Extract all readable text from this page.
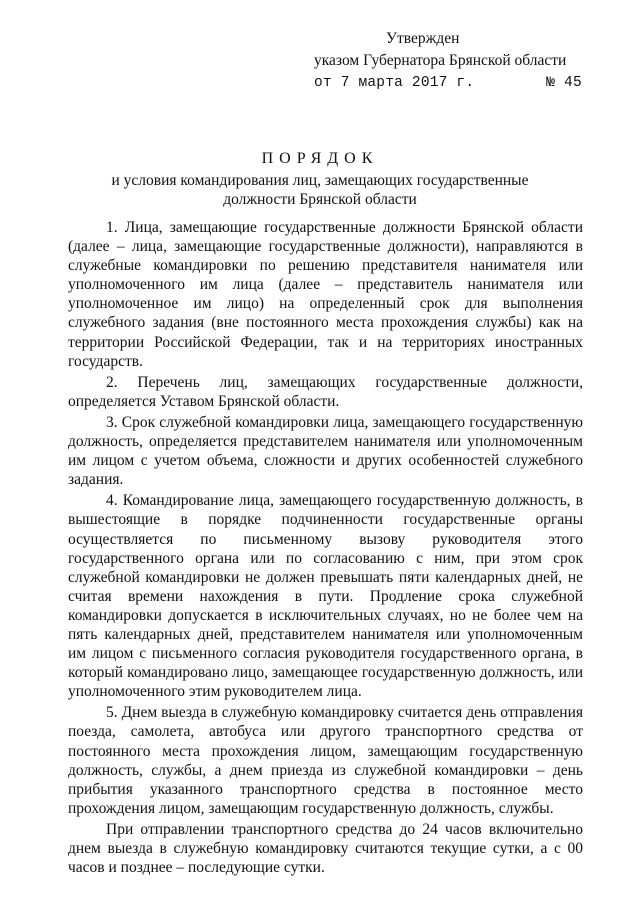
Утвержден
указом Губернатора Брянской области
от 7 марта 2017 г.	№ 45
ПОРЯДОК
и условия командирования лиц, замещающих государственные
должности Брянской области

1. Лица, замещающие государственные должности Брянской области (далее – лица, замещающие государственные должности), направляются в служебные командировки по решению представителя нанимателя или уполномоченного им лица (далее – представитель нанимателя или уполномоченное им лицо) на определенный срок для выполнения служебного задания (вне постоянного места прохождения службы) как на территории Российской Федерации, так и на территориях иностранных государств.

2. Перечень лиц, замещающих государственные должности, определяется Уставом Брянской области.

3. Срок служебной командировки лица, замещающего государственную должность, определяется представителем нанимателя или уполномоченным им лицом с учетом объема, сложности и других особенностей служебного задания.

4. Командирование лица, замещающего государственную должность, в вышестоящие в порядке подчиненности государственные органы осуществляется по письменному вызову руководителя этого государственного органа или по согласованию с ним, при этом срок служебной командировки не должен превышать пяти календарных дней, не считая времени нахождения в пути. Продление срока служебной командировки допускается в исключительных случаях, но не более чем на пять календарных дней, представителем нанимателя или уполномоченным им лицом с письменного согласия руководителя государственного органа, в который командировано лицо, замещающее государственную должность, или уполномоченного этим руководителем лица.

5. Днем выезда в служебную командировку считается день отправления поезда, самолета, автобуса или другого транспортного средства от постоянного места прохождения лицом, замещающим государственную должность, службы, а днем приезда из служебной командировки – день прибытия указанного транспортного средства в постоянное место прохождения лицом, замещающим государственную должность, службы.

При отправлении транспортного средства до 24 часов включительно днем выезда в служебную командировку считаются текущие сутки, а с 00 часов и позднее – последующие сутки.
